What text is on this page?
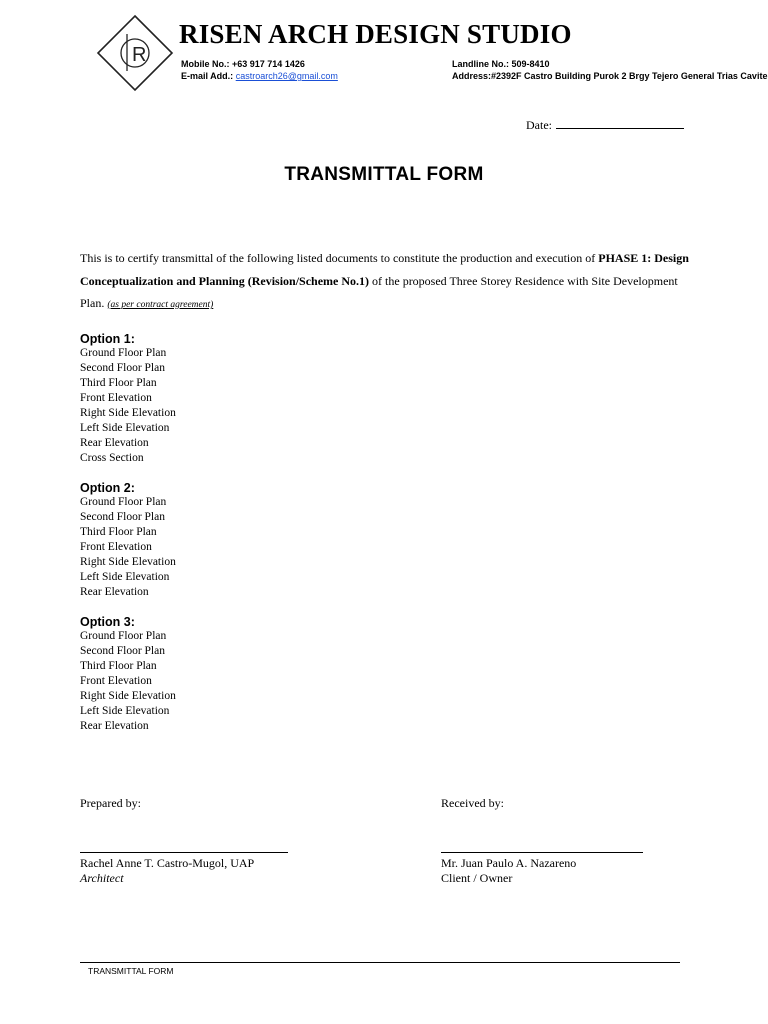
R
RISEN ARCH DESIGN STUDIO
Mobile No.: +63 917 714 1426
E-mail Add.: castroarch26@gmail.com
Landline No.: 509-8410
Address:#2392F Castro Building Purok 2 Brgy Tejero General Trias Cavite
Date:
TRANSMITTAL FORM
This is to certify transmittal of the following listed documents to constitute the production and execution of PHASE 1: Design Conceptualization and Planning (Revision/Scheme No.1) of the proposed Three Storey Residence with Site Development Plan. (as per contract agreement)
Option 1:
Ground Floor Plan
Second Floor Plan
Third Floor Plan
Front Elevation
Right Side Elevation
Left Side Elevation
Rear Elevation
Cross Section
Option 2:
Ground Floor Plan
Second Floor Plan
Third Floor Plan
Front Elevation
Right Side Elevation
Left Side Elevation
Rear Elevation
Option 3:
Ground Floor Plan
Second Floor Plan
Third Floor Plan
Front Elevation
Right Side Elevation
Left Side Elevation
Rear Elevation
Prepared by:
Rachel Anne T. Castro-Mugol, UAP
Architect
Received by:
Mr. Juan Paulo A. Nazareno
Client / Owner
TRANSMITTAL FORM
